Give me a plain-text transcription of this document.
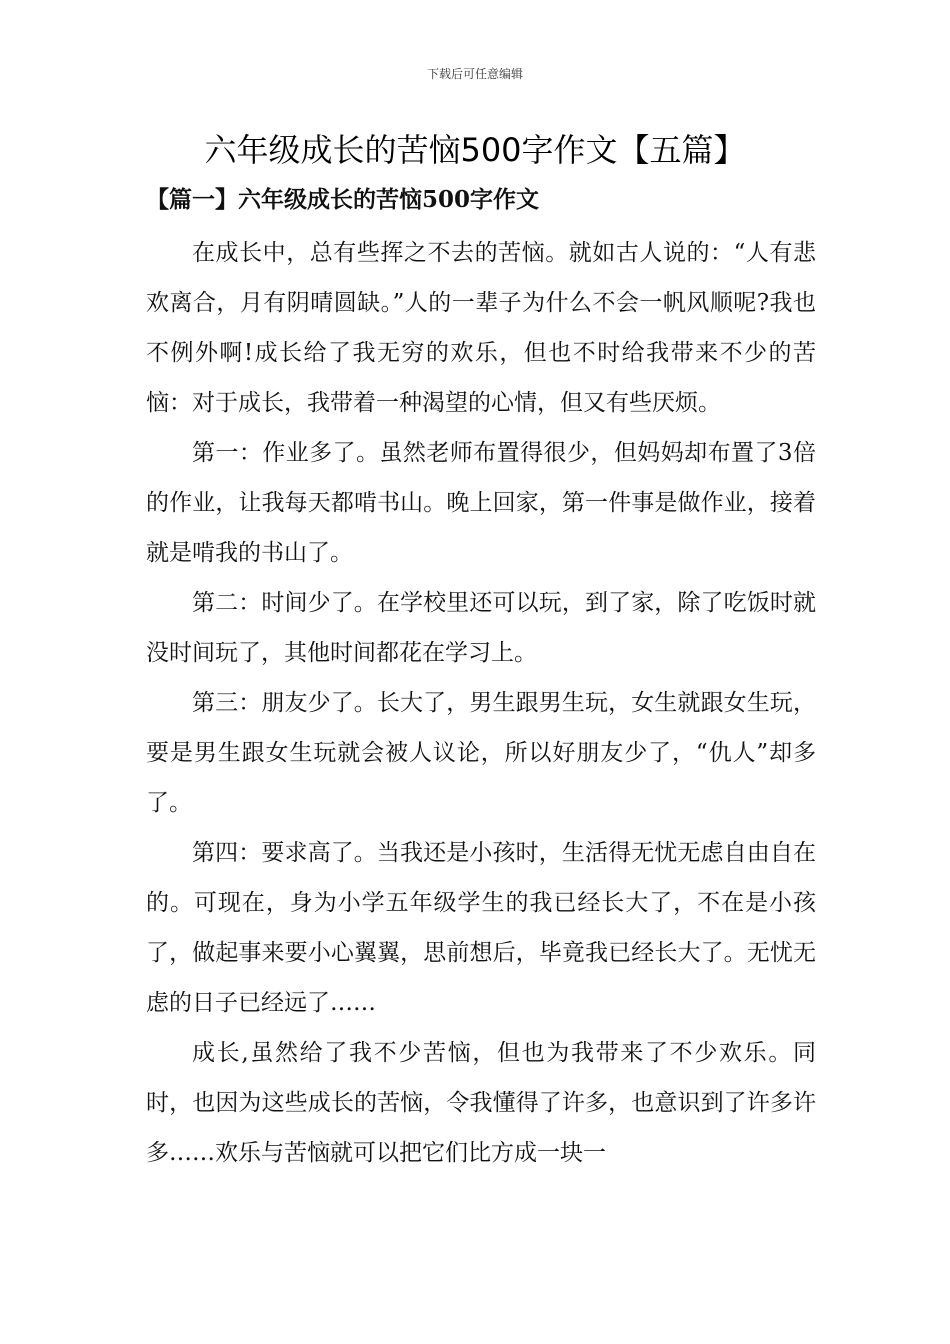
下载后可任意编辑
六年级成长的苦恼500字作文【五篇】
【篇一】六年级成长的苦恼500字作文

在成长中，总有些挥之不去的苦恼。就如古人说的：“人有悲欢离合，月有阴晴圆缺。”人的一辈子为什么不会一帆风顺呢?我也不例外啊!成长给了我无穷的欢乐，但也不时给我带来不少的苦恼：对于成长，我带着一种渴望的心情，但又有些厌烦。

第一：作业多了。虽然老师布置得很少，但妈妈却布置了3倍的作业，让我每天都啃书山。晚上回家，第一件事是做作业，接着就是啃我的书山了。

第二：时间少了。在学校里还可以玩，到了家，除了吃饭时就没时间玩了，其他时间都花在学习上。

第三：朋友少了。长大了，男生跟男生玩，女生就跟女生玩，要是男生跟女生玩就会被人议论，所以好朋友少了，“仇人”却多了。

第四：要求高了。当我还是小孩时，生活得无忧无虑自由自在的。可现在，身为小学五年级学生的我已经长大了，不在是小孩了，做起事来要小心翼翼，思前想后，毕竟我已经长大了。无忧无虑的日子已经远了……

成长,虽然给了我不少苦恼，但也为我带来了不少欢乐。同时，也因为这些成长的苦恼，令我懂得了许多，也意识到了许多许多……欢乐与苦恼就可以把它们比方成一块一
